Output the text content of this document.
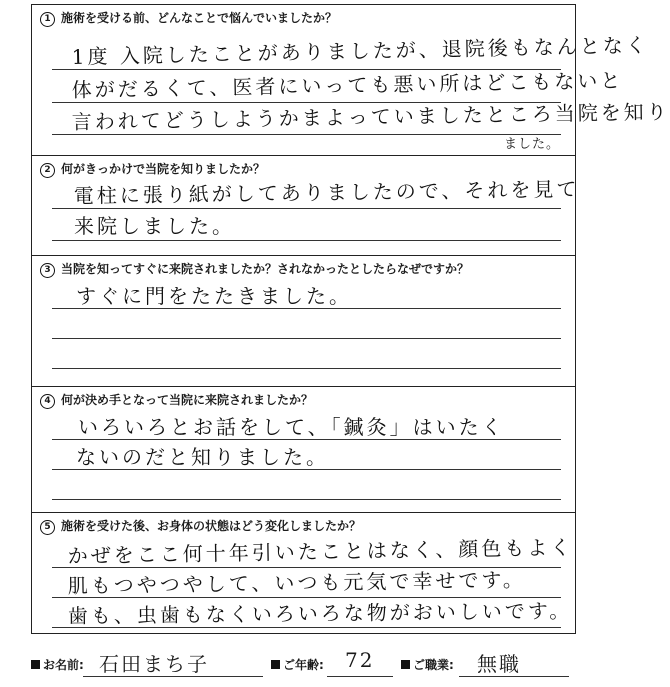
1 施術を受ける前、どんなことで悩んでいましたか？
1度 入院したことがありましたが、退院後もなんとなく
体がだるくて、医者にいっても悪い所はどこもないと
言われてどうしようかまよっていましたところ当院を知り
ました。
2 何がきっかけで当院を知りましたか？
電柱に張り紙がしてありましたので、それを見て
来院しました。
3 当院を知ってすぐに来院されましたか？されなかったとしたらなぜですか？
すぐに門をたたきました。
4 何が決め手となって当院に来院されましたか？
いろいろとお話をして、「鍼灸」はいたく
ないのだと知りました。
5 施術を受けた後、お身体の状態はどう変化しましたか？
かぜをここ何十年引いたことはなく、顔色もよく
肌もつやつやして、いつも元気で幸せです。
歯も、虫歯もなくいろいろな物がおいしいです。
お名前: 石田まち子	ご年齢: 72	ご職業: 無職
